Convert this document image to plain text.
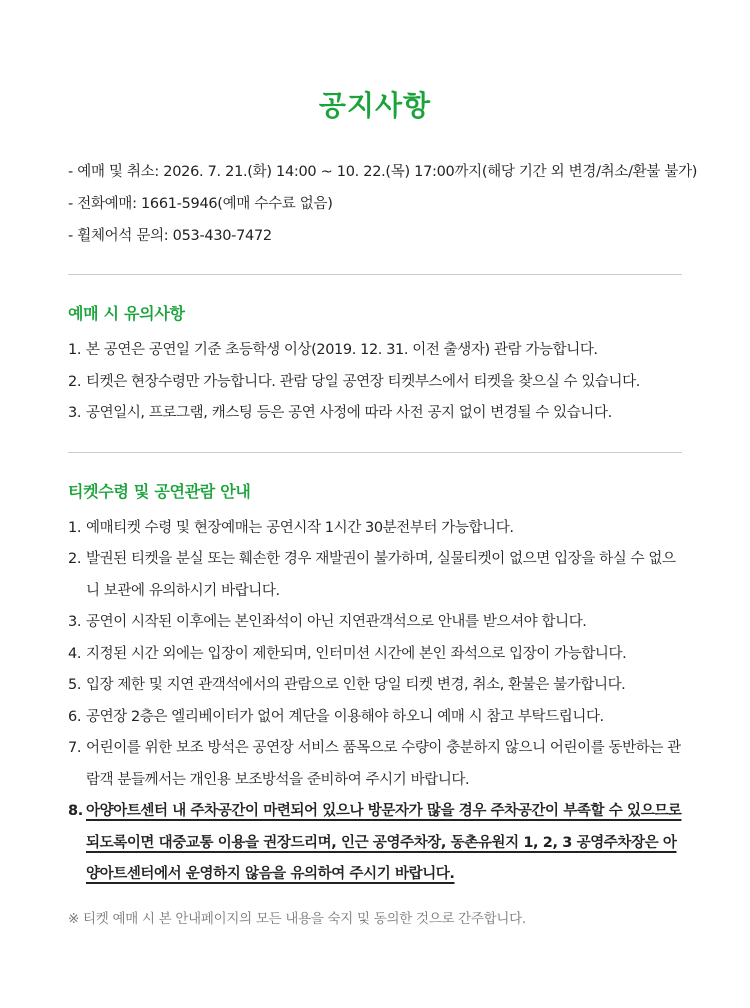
공지사항
- 예매 및 취소: 2026. 7. 21.(화) 14:00 ~ 10. 22.(목) 17:00까지(해당 기간 외 변경/취소/환불 불가)
- 전화예매: 1661-5946(예매 수수료 없음)
- 휠체어석 문의: 053-430-7472
예매 시 유의사항
1. 본 공연은 공연일 기준 초등학생 이상(2019. 12. 31. 이전 출생자) 관람 가능합니다.
2. 티켓은 현장수령만 가능합니다. 관람 당일 공연장 티켓부스에서 티켓을 찾으실 수 있습니다.
3. 공연일시, 프로그램, 캐스팅 등은 공연 사정에 따라 사전 공지 없이 변경될 수 있습니다.
티켓수령 및 공연관람 안내
1. 예매티켓 수령 및 현장예매는 공연시작 1시간 30분전부터 가능합니다.
2. 발권된 티켓을 분실 또는 훼손한 경우 재발권이 불가하며, 실물티켓이 없으면 입장을 하실 수 없으니 보관에 유의하시기 바랍니다.
3. 공연이 시작된 이후에는 본인좌석이 아닌 지연관객석으로 안내를 받으셔야 합니다.
4. 지정된 시간 외에는 입장이 제한되며, 인터미션 시간에 본인 좌석으로 입장이 가능합니다.
5. 입장 제한 및 지연 관객석에서의 관람으로 인한 당일 티켓 변경, 취소, 환불은 불가합니다.
6. 공연장 2층은 엘리베이터가 없어 계단을 이용해야 하오니 예매 시 참고 부탁드립니다.
7. 어린이를 위한 보조 방석은 공연장 서비스 품목으로 수량이 충분하지 않으니 어린이를 동반하는 관람객 분들께서는 개인용 보조방석을 준비하여 주시기 바랍니다.
8. 아양아트센터 내 주차공간이 마련되어 있으나 방문자가 많을 경우 주차공간이 부족할 수 있으므로 되도록이면 대중교통 이용을 권장드리며, 인근 공영주차장, 동촌유원지 1, 2, 3 공영주차장은 아양아트센터에서 운영하지 않음을 유의하여 주시기 바랍니다.

※ 티켓 예매 시 본 안내페이지의 모든 내용을 숙지 및 동의한 것으로 간주합니다.
